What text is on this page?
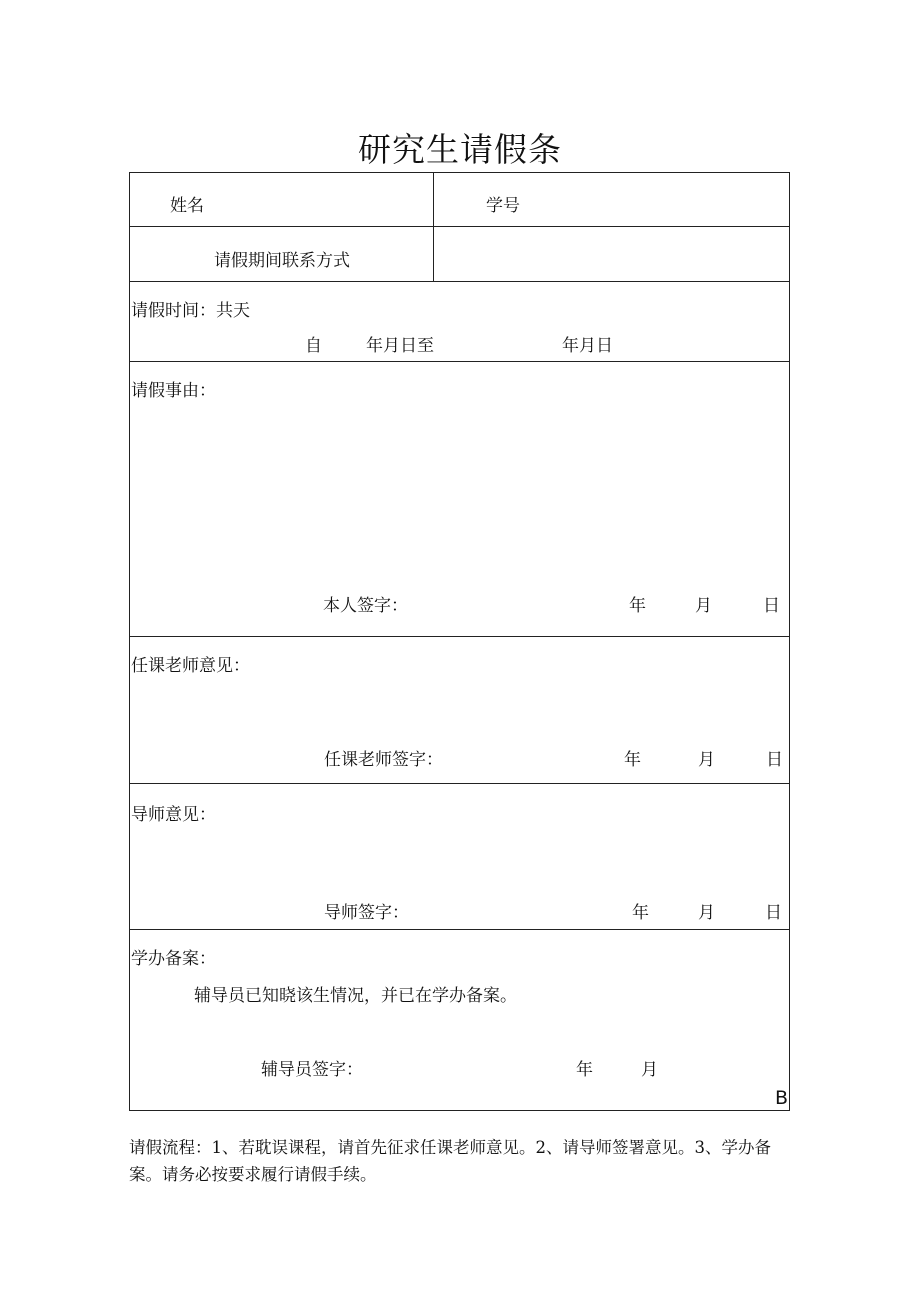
研究生请假条
姓名	学号
请假期间联系方式
请假时间：共天
自	年月日至	年月日
请假事由：
本人签字：	年	月	日
任课老师意见：
任课老师签字：	年	月	日
导师意见：
导师签字：	年	月	日
学办备案：
辅导员已知晓该生情况，并已在学办备案。
辅导员签字：	年	月
B
请假流程：1、若耽误课程，请首先征求任课老师意见。2、请导师签署意见。3、学办备案。请务必按要求履行请假手续。
